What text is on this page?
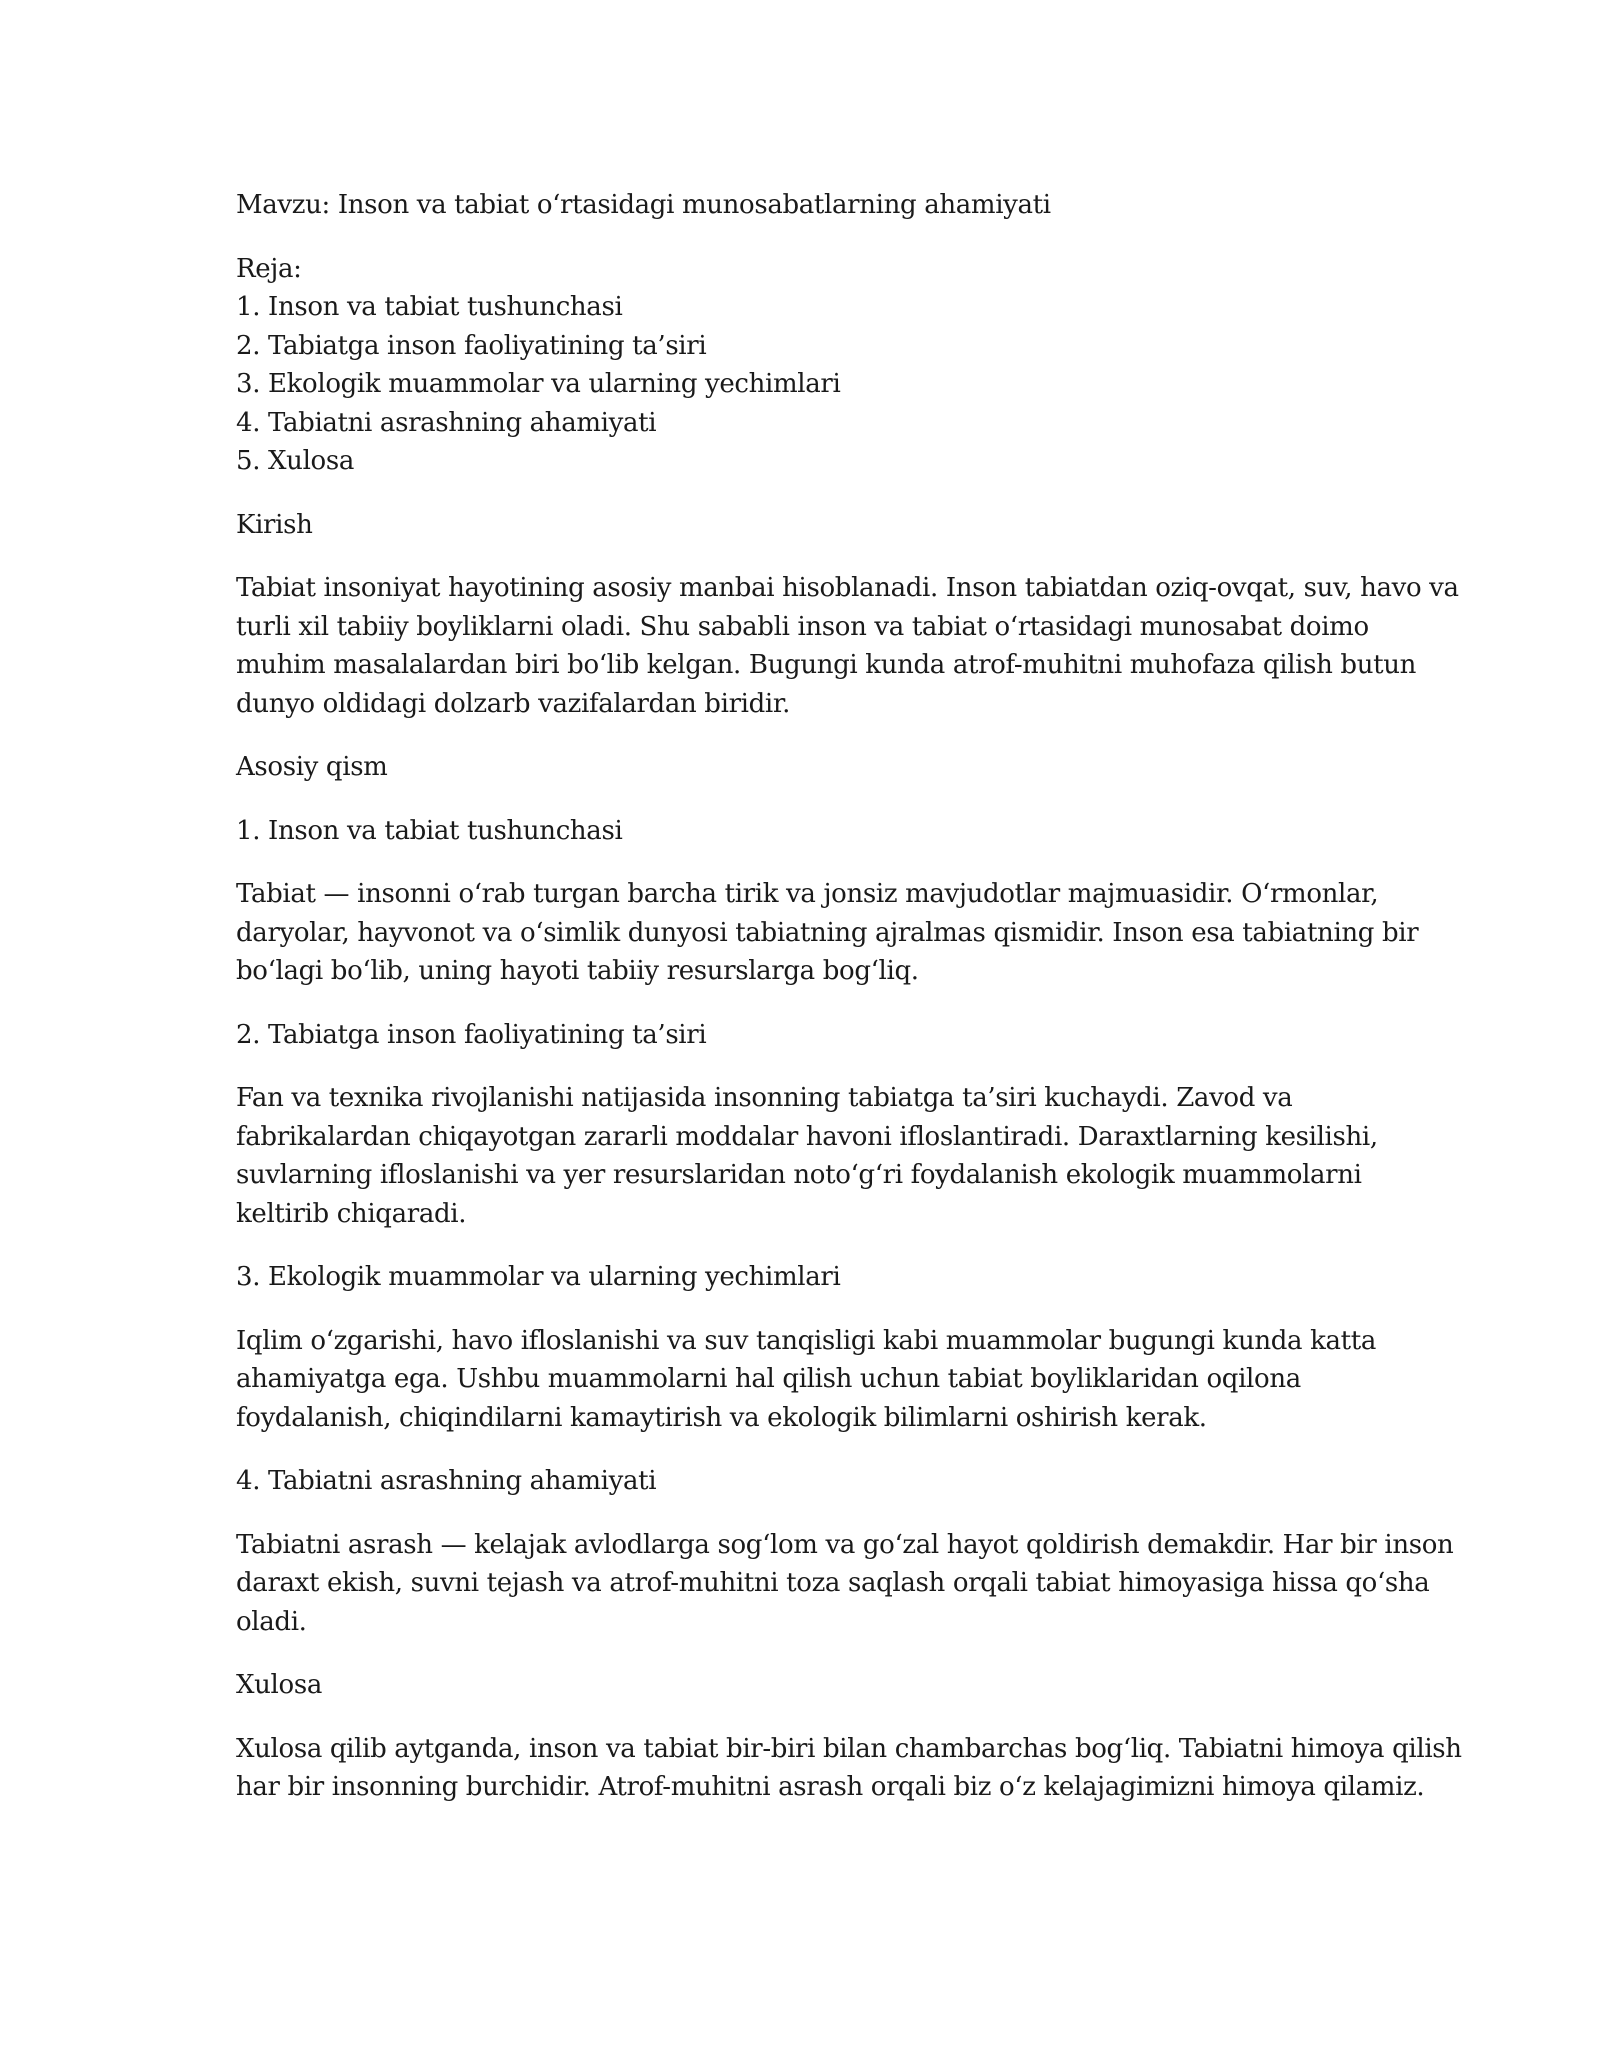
Mavzu: Inson va tabiat o‘rtasidagi munosabatlarning ahamiyati
Reja:
1. Inson va tabiat tushunchasi
2. Tabiatga inson faoliyatining ta’siri
3. Ekologik muammolar va ularning yechimlari
4. Tabiatni asrashning ahamiyati
5. Xulosa
Kirish
Tabiat insoniyat hayotining asosiy manbai hisoblanadi. Inson tabiatdan oziq-ovqat, suv, havo va
turli xil tabiiy boyliklarni oladi. Shu sababli inson va tabiat o‘rtasidagi munosabat doimo
muhim masalalardan biri bo‘lib kelgan. Bugungi kunda atrof-muhitni muhofaza qilish butun
dunyo oldidagi dolzarb vazifalardan biridir.
Asosiy qism
1. Inson va tabiat tushunchasi
Tabiat — insonni o‘rab turgan barcha tirik va jonsiz mavjudotlar majmuasidir. O‘rmonlar,
daryolar, hayvonot va o‘simlik dunyosi tabiatning ajralmas qismidir. Inson esa tabiatning bir
bo‘lagi bo‘lib, uning hayoti tabiiy resurslarga bog‘liq.
2. Tabiatga inson faoliyatining ta’siri
Fan va texnika rivojlanishi natijasida insonning tabiatga ta’siri kuchaydi. Zavod va
fabrikalardan chiqayotgan zararli moddalar havoni ifloslantiradi. Daraxtlarning kesilishi,
suvlarning ifloslanishi va yer resurslaridan noto‘g‘ri foydalanish ekologik muammolarni
keltirib chiqaradi.
3. Ekologik muammolar va ularning yechimlari
Iqlim o‘zgarishi, havo ifloslanishi va suv tanqisligi kabi muammolar bugungi kunda katta
ahamiyatga ega. Ushbu muammolarni hal qilish uchun tabiat boyliklaridan oqilona
foydalanish, chiqindilarni kamaytirish va ekologik bilimlarni oshirish kerak.
4. Tabiatni asrashning ahamiyati
Tabiatni asrash — kelajak avlodlarga sog‘lom va go‘zal hayot qoldirish demakdir. Har bir inson
daraxt ekish, suvni tejash va atrof-muhitni toza saqlash orqali tabiat himoyasiga hissa qo‘sha
oladi.
Xulosa
Xulosa qilib aytganda, inson va tabiat bir-biri bilan chambarchas bog‘liq. Tabiatni himoya qilish
har bir insonning burchidir. Atrof-muhitni asrash orqali biz o‘z kelajagimizni himoya qilamiz.
